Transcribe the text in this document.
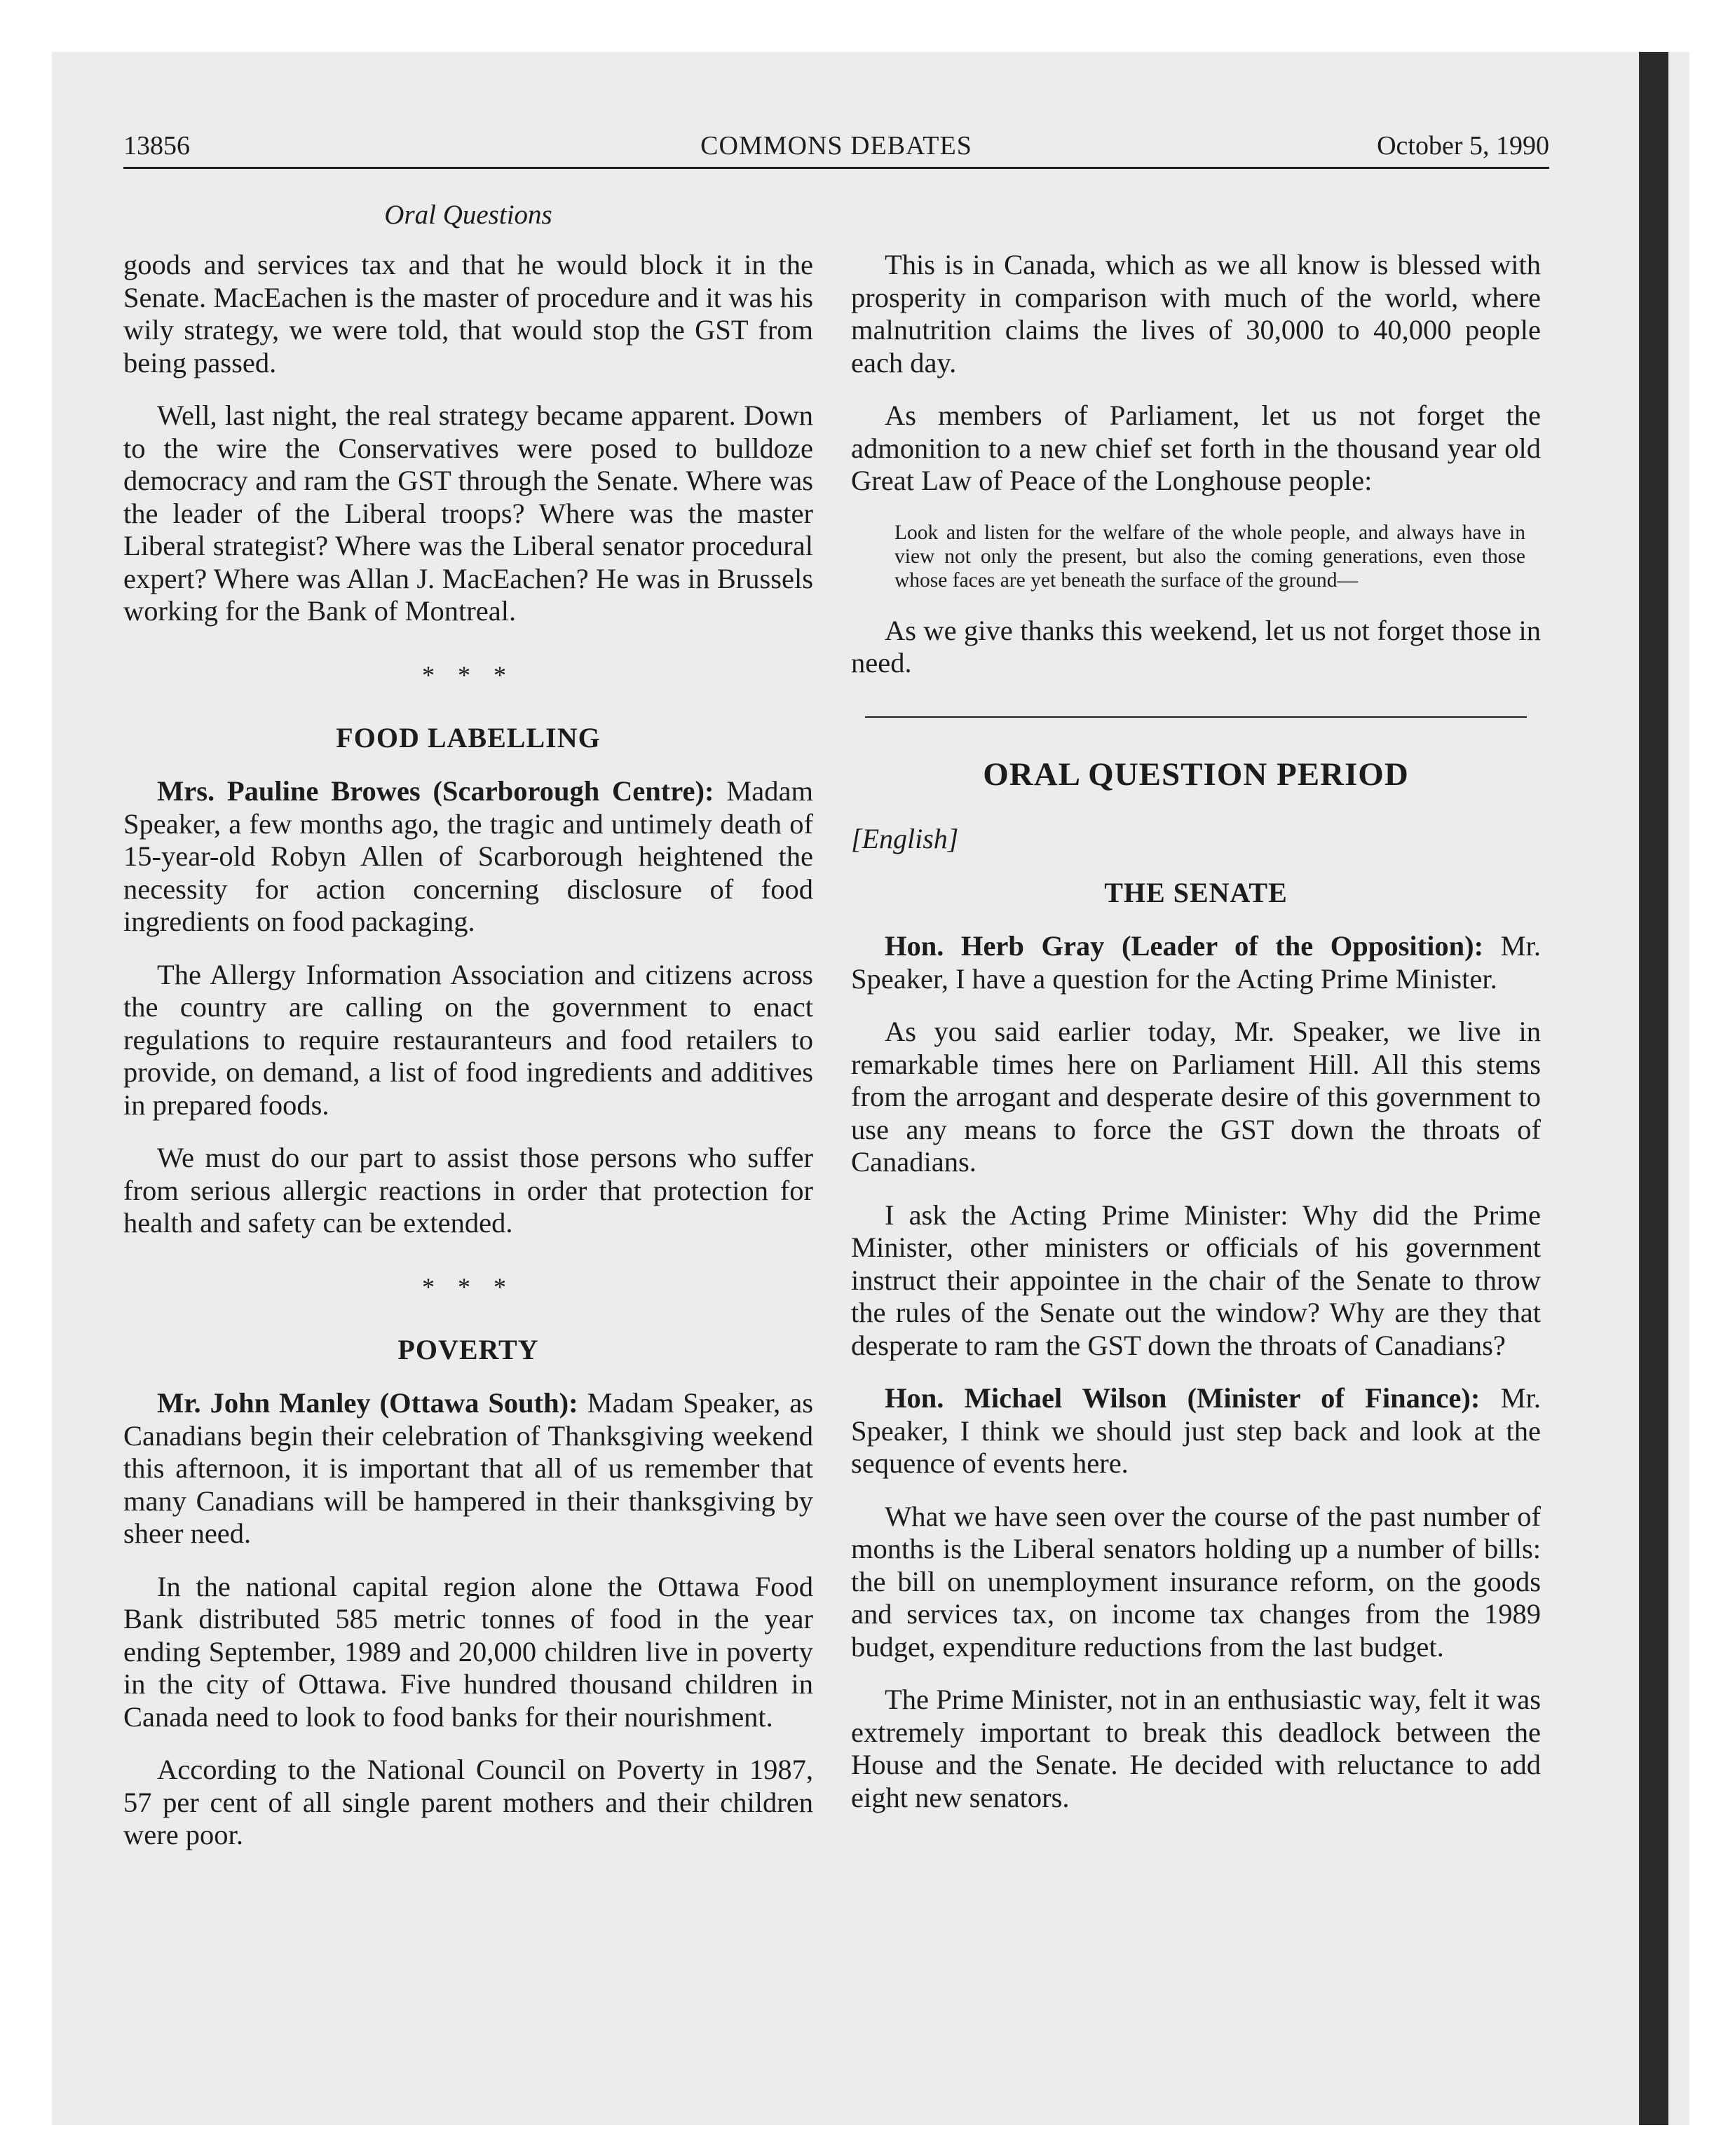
13856	COMMONS DEBATES	October 5, 1990
Oral Questions

goods and services tax and that he would block it in the Senate. MacEachen is the master of procedure and it was his wily strategy, we were told, that would stop the GST from being passed.

Well, last night, the real strategy became apparent. Down to the wire the Conservatives were posed to bulldoze democracy and ram the GST through the Senate. Where was the leader of the Liberal troops? Where was the master Liberal strategist? Where was the Liberal senator procedural expert? Where was Allan J. MacEachen? He was in Brussels working for the Bank of Montreal.

* * *
FOOD LABELLING

Mrs. Pauline Browes (Scarborough Centre): Madam Speaker, a few months ago, the tragic and untimely death of 15-year-old Robyn Allen of Scarborough heightened the necessity for action concerning disclosure of food ingredients on food packaging.

The Allergy Information Association and citizens across the country are calling on the government to enact regulations to require restauranteurs and food retailers to provide, on demand, a list of food ingredients and additives in prepared foods.

We must do our part to assist those persons who suffer from serious allergic reactions in order that protection for health and safety can be extended.

* * *
POVERTY

Mr. John Manley (Ottawa South): Madam Speaker, as Canadians begin their celebration of Thanksgiving weekend this afternoon, it is important that all of us remember that many Canadians will be hampered in their thanksgiving by sheer need.

In the national capital region alone the Ottawa Food Bank distributed 585 metric tonnes of food in the year ending September, 1989 and 20,000 children live in poverty in the city of Ottawa. Five hundred thousand children in Canada need to look to food banks for their nourishment.

According to the National Council on Poverty in 1987, 57 per cent of all single parent mothers and their children were poor.

This is in Canada, which as we all know is blessed with prosperity in comparison with much of the world, where malnutrition claims the lives of 30,000 to 40,000 people each day.

As members of Parliament, let us not forget the admonition to a new chief set forth in the thousand year old Great Law of Peace of the Longhouse people:

Look and listen for the welfare of the whole people, and always have in view not only the present, but also the coming generations, even those whose faces are yet beneath the surface of the ground—

As we give thanks this weekend, let us not forget those in need.

ORAL QUESTION PERIOD
[English]
THE SENATE

Hon. Herb Gray (Leader of the Opposition): Mr. Speaker, I have a question for the Acting Prime Minister.

As you said earlier today, Mr. Speaker, we live in remarkable times here on Parliament Hill. All this stems from the arrogant and desperate desire of this government to use any means to force the GST down the throats of Canadians.

I ask the Acting Prime Minister: Why did the Prime Minister, other ministers or officials of his government instruct their appointee in the chair of the Senate to throw the rules of the Senate out the window? Why are they that desperate to ram the GST down the throats of Canadians?

Hon. Michael Wilson (Minister of Finance): Mr. Speaker, I think we should just step back and look at the sequence of events here.

What we have seen over the course of the past number of months is the Liberal senators holding up a number of bills: the bill on unemployment insurance reform, on the goods and services tax, on income tax changes from the 1989 budget, expenditure reductions from the last budget.

The Prime Minister, not in an enthusiastic way, felt it was extremely important to break this deadlock between the House and the Senate. He decided with reluctance to add eight new senators.
